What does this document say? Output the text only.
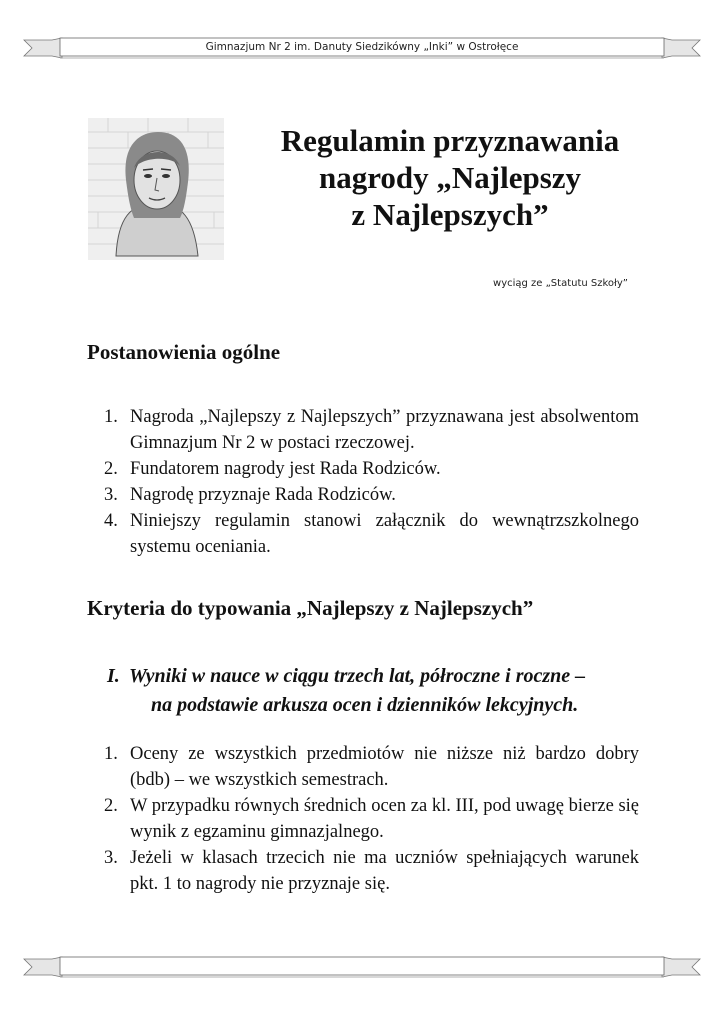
Gimnazjum Nr 2 im. Danuty Siedzikówny „Inki” w Ostrołęce
Regulamin przyznawania
nagrody „Najlepszy
z Najlepszych”
wyciąg ze „Statutu Szkoły”
Postanowienia ogólne
1. Nagroda „Najlepszy z Najlepszych” przyznawana jest absolwentom Gimnazjum Nr 2 w postaci rzeczowej.
2. Fundatorem nagrody jest Rada Rodziców.
3. Nagrodę przyznaje Rada Rodziców.
4. Niniejszy regulamin stanowi załącznik do wewnątrzszkolnego systemu oceniania.
Kryteria do typowania „Najlepszy z Najlepszych”
I. Wyniki w nauce w ciągu trzech lat, półroczne i roczne –
na podstawie arkusza ocen i dzienników lekcyjnych.
1. Oceny ze wszystkich przedmiotów nie niższe niż bardzo dobry (bdb) – we wszystkich semestrach.
2. W przypadku równych średnich ocen za kl. III, pod uwagę bierze się wynik z egzaminu gimnazjalnego.
3. Jeżeli w klasach trzecich nie ma uczniów spełniających warunek pkt. 1 to nagrody nie przyznaje się.
